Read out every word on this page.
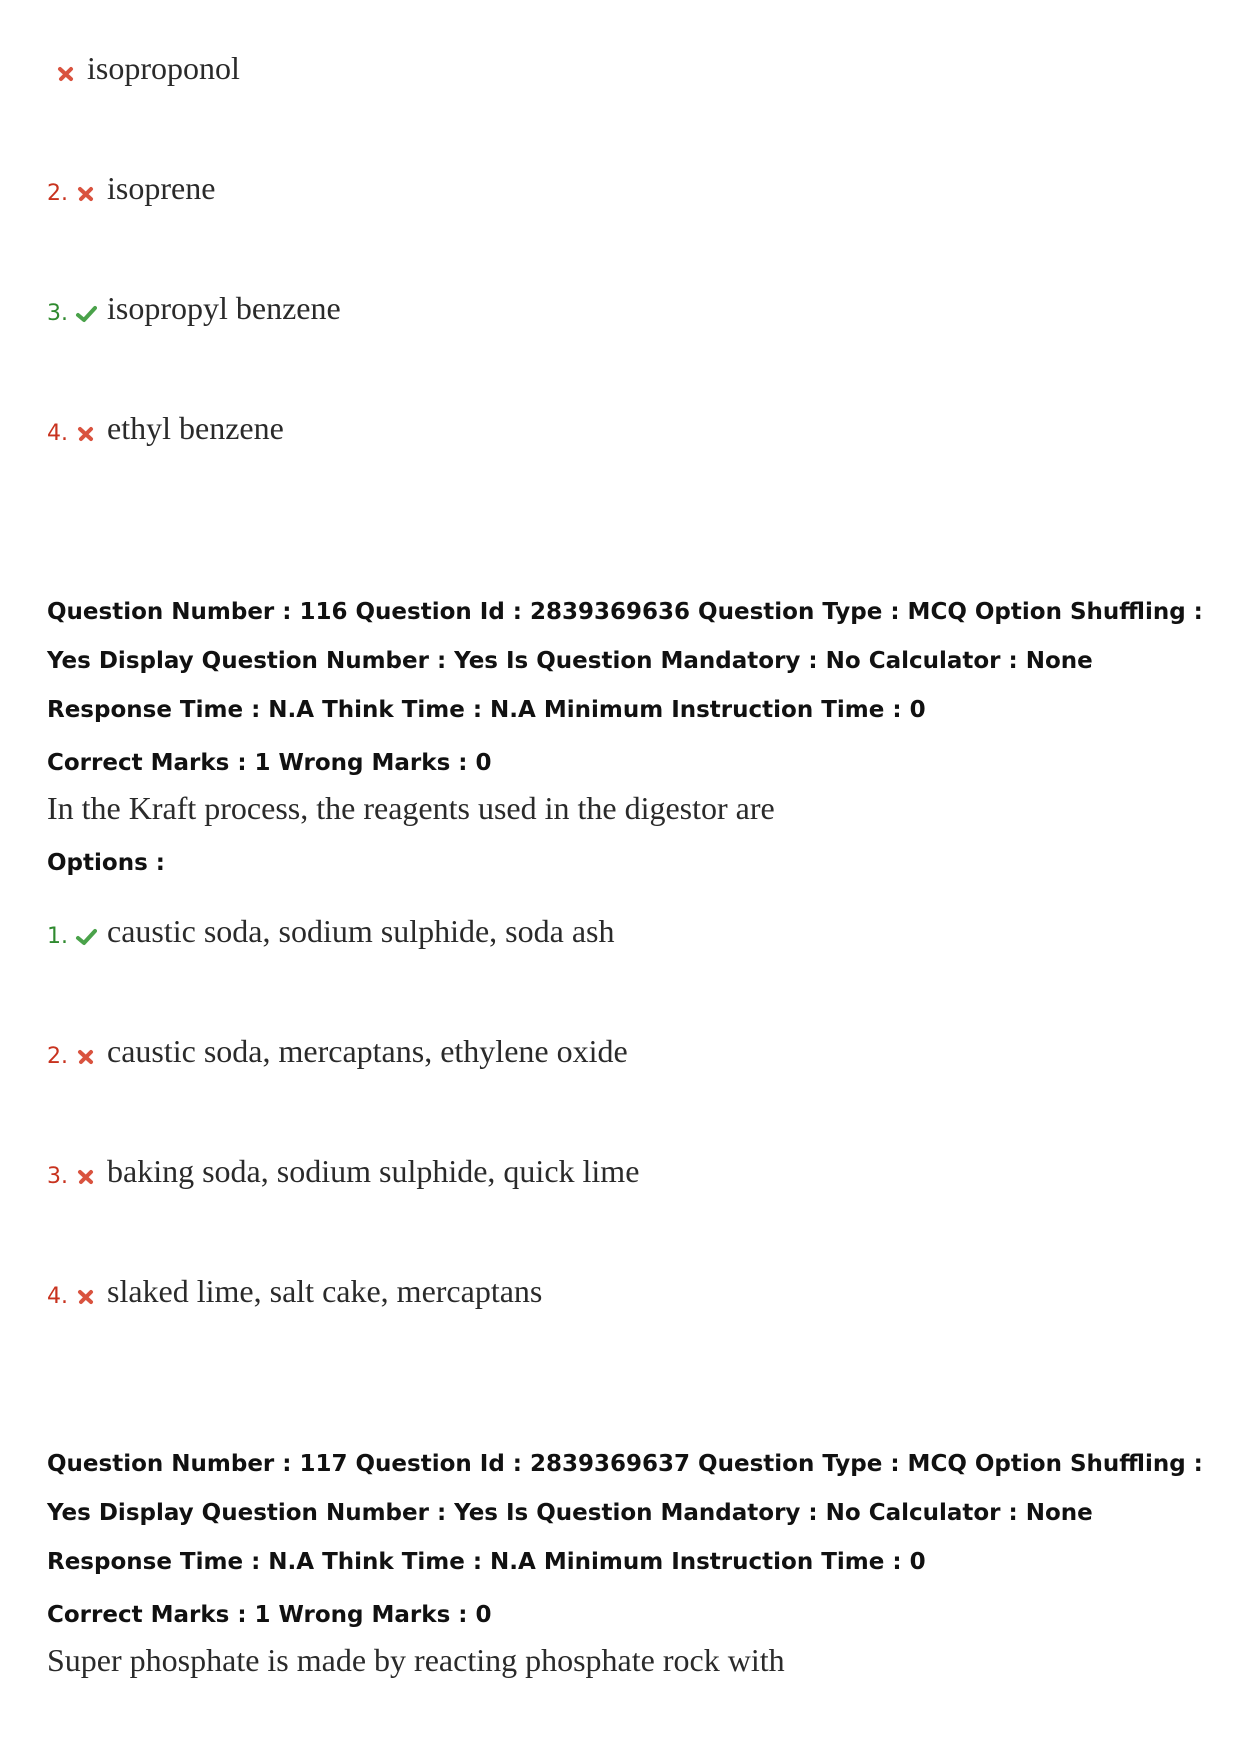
isoproponol
2. isoprene
3. isopropyl benzene
4. ethyl benzene
Question Number : 116 Question Id : 2839369636 Question Type : MCQ Option Shuffling : Yes Display Question Number : Yes Is Question Mandatory : No Calculator : None Response Time : N.A Think Time : N.A Minimum Instruction Time : 0
Correct Marks : 1 Wrong Marks : 0
In the Kraft process, the reagents used in the digestor are
Options :
1. caustic soda, sodium sulphide, soda ash
2. caustic soda, mercaptans, ethylene oxide
3. baking soda, sodium sulphide, quick lime
4. slaked lime, salt cake, mercaptans
Question Number : 117 Question Id : 2839369637 Question Type : MCQ Option Shuffling : Yes Display Question Number : Yes Is Question Mandatory : No Calculator : None Response Time : N.A Think Time : N.A Minimum Instruction Time : 0
Correct Marks : 1 Wrong Marks : 0
Super phosphate is made by reacting phosphate rock with
